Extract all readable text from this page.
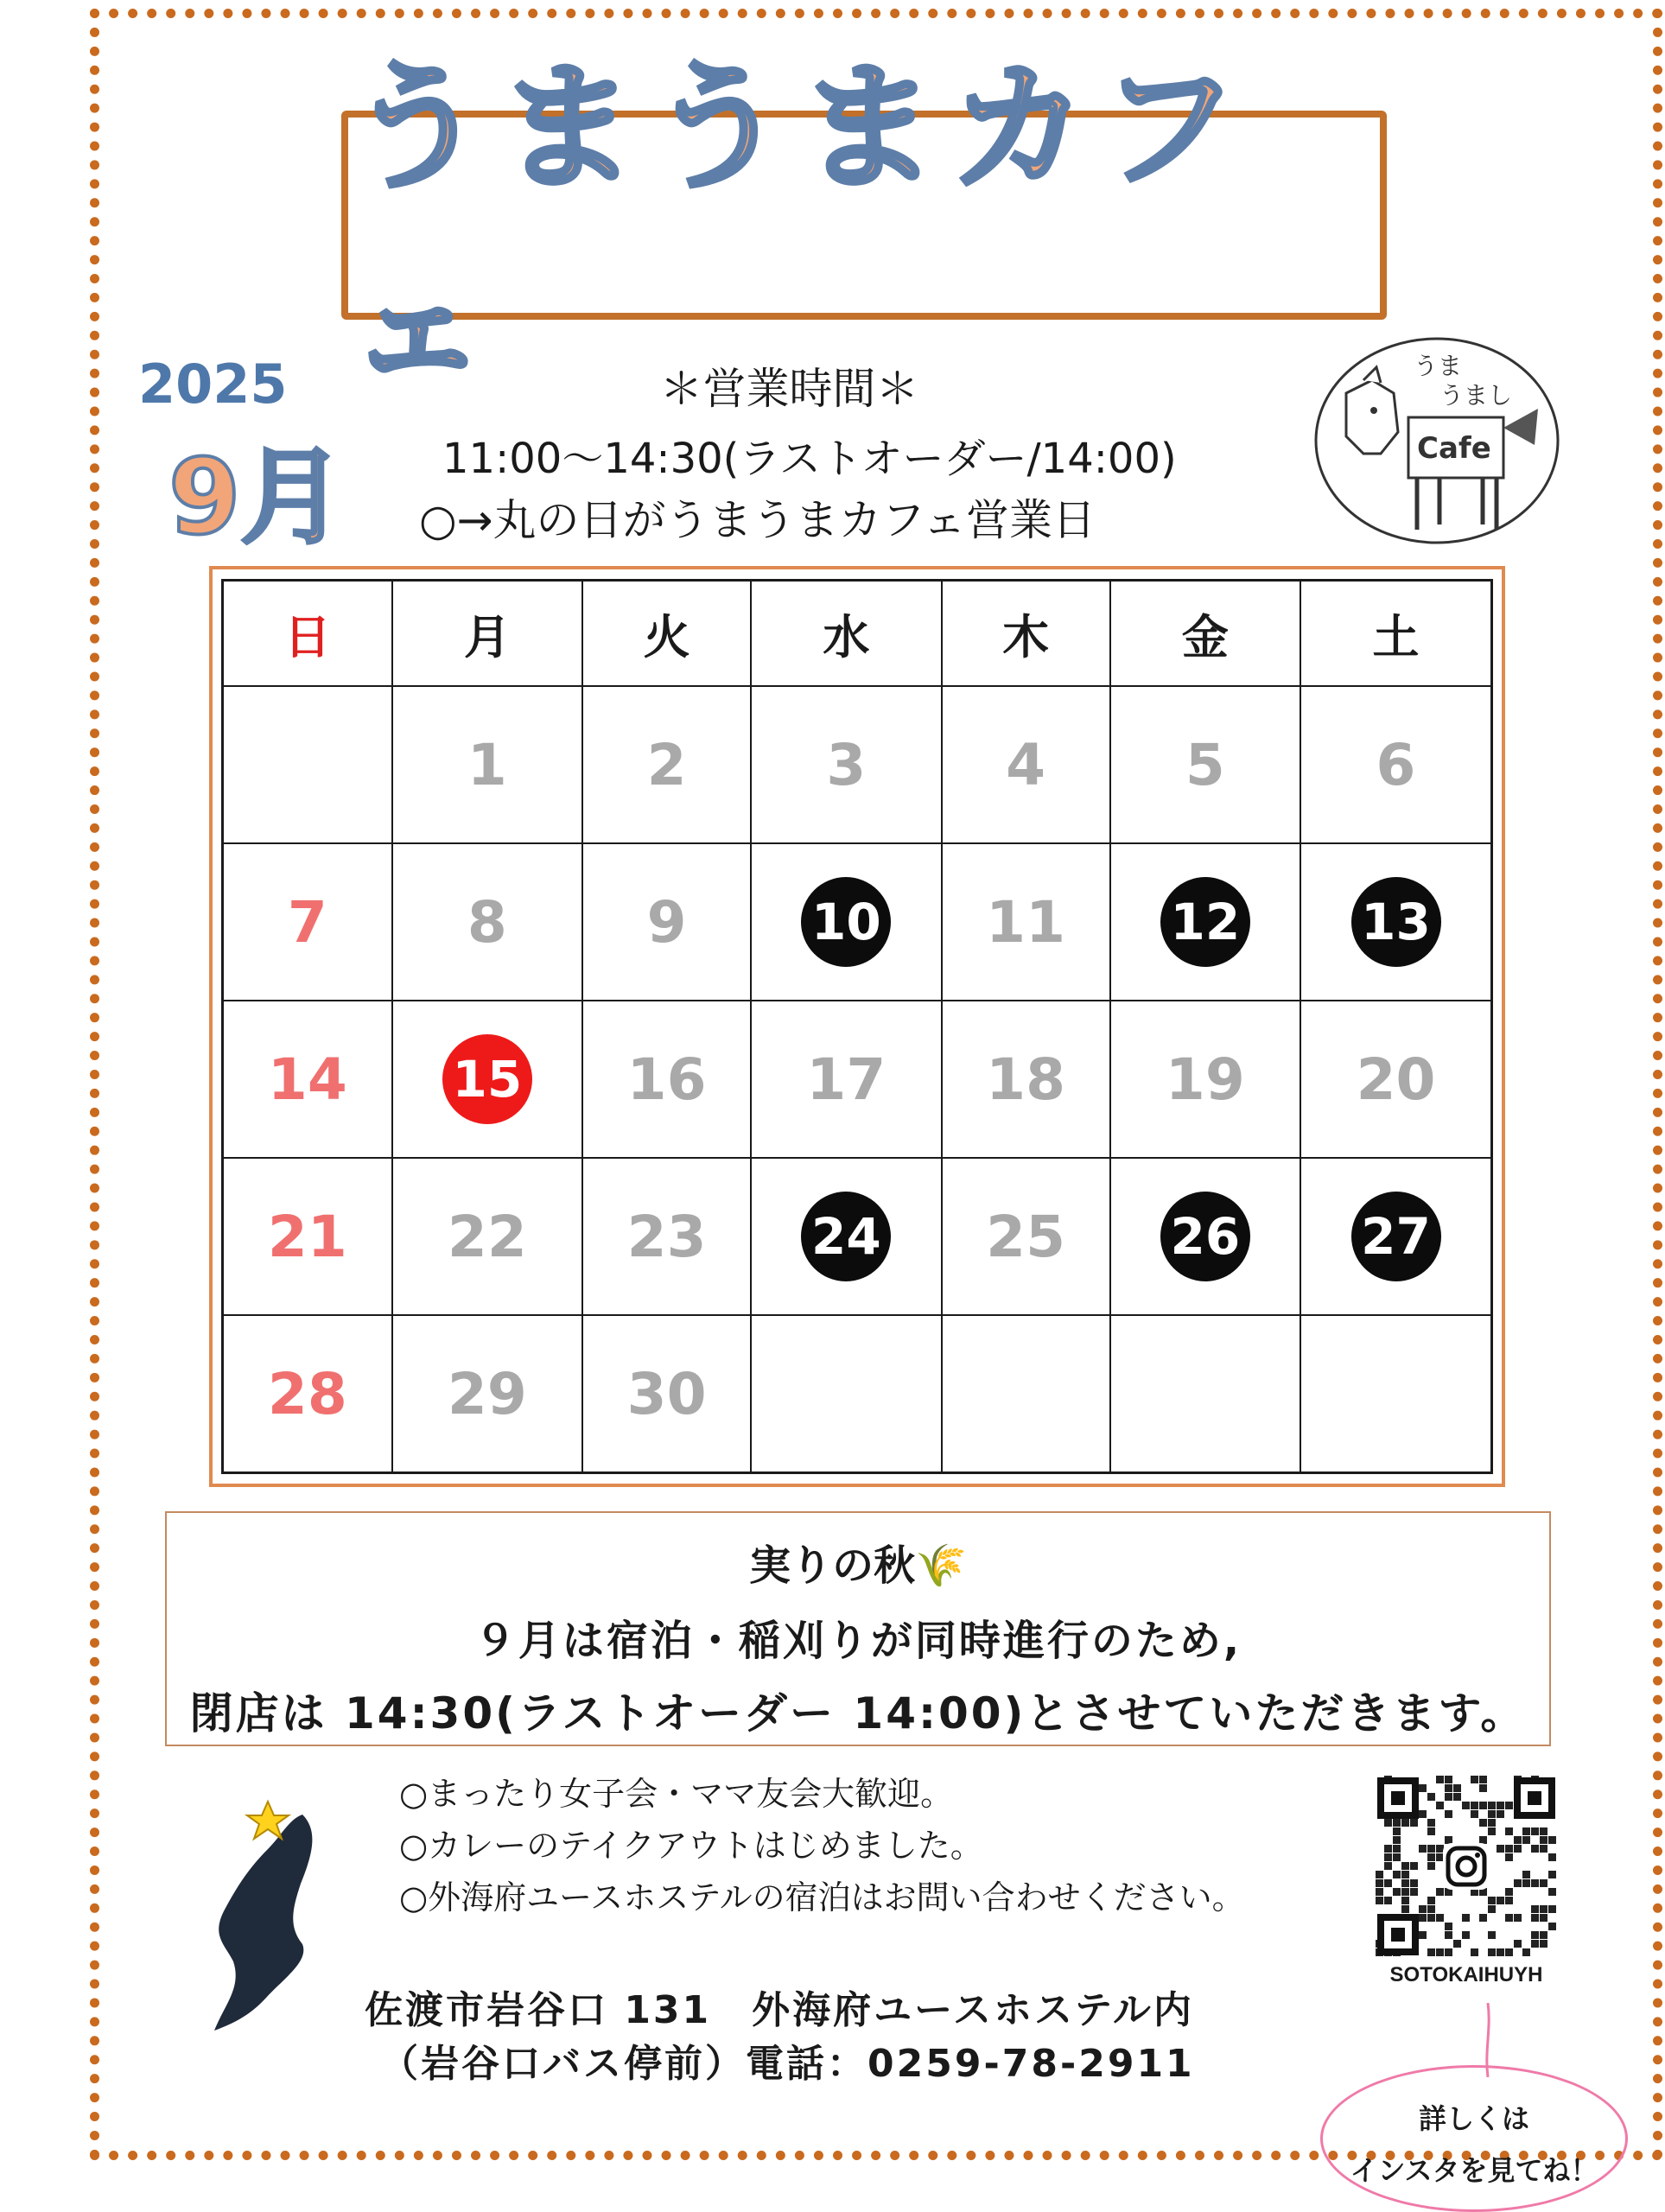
うまうまカフェ
2025
9月
＊営業時間＊
11:00〜14:30(ラストオーダー/14:00)
○→丸の日がうまうまカフェ営業日
うま
うまし
Cafe
日	月	火	水	木	金	土
	1	2	3	4	5	6
7	8	9	10	11	12	13
14	15	16	17	18	19	20
21	22	23	24	25	26	27
28	29	30				
実りの秋🌾
９月は宿泊・稲刈りが同時進行のため,
閉店は 14:30(ラストオーダー 14:00)とさせていただきます。
○まったり女子会・ママ友会大歓迎。
○カレーのテイクアウトはじめました。
○外海府ユースホステルの宿泊はお問い合わせください。
佐渡市岩谷口 131　外海府ユースホステル内
（岩谷口バス停前）電話：0259-78-2911
SOTOKAIHUYH
詳しくは
インスタを見てね！
